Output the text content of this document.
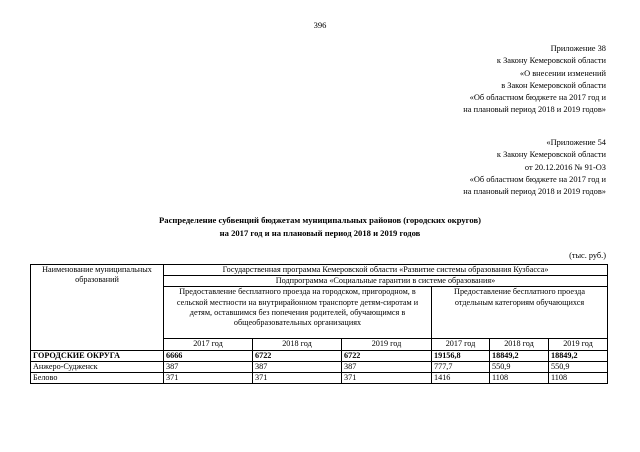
396
Приложение 38
к Закону Кемеровской области
«О внесении изменений
в Закон Кемеровской области
«Об областном бюджете на 2017 год и
на плановый период 2018 и 2019 годов»
«Приложение 54
к Закону Кемеровской области
от 20.12.2016 № 91-ОЗ
«Об областном бюджете на 2017 год и
на плановый период 2018 и 2019 годов»
Распределение субвенций бюджетам муниципальных районов (городских округов)
на 2017 год и на плановый период 2018 и 2019 годов
(тыс. руб.)
Наименование муниципальных образований	Государственная программа Кемеровской области «Развитие системы образования Кузбасса»					
	Подпрограмма «Социальные гарантии в системе образования»					
	Предоставление бесплатного проезда на городском, пригородном, в сельской местности на внутрирайонном транспорте детям-сиротам и детям, оставшимся без попечения родителей, обучающимся в общеобразовательных организациях			Предоставление бесплатного проезда отдельным категориям обучающихся		
	2017 год	2018 год	2019 год	2017 год	2018 год	2019 год
ГОРОДСКИЕ ОКРУГА	6666	6722	6722	19156,8	18849,2	18849,2
Анжеро-Судженск	387	387	387	777,7	550,9	550,9
Белово	371	371	371	1416	1108	1108
